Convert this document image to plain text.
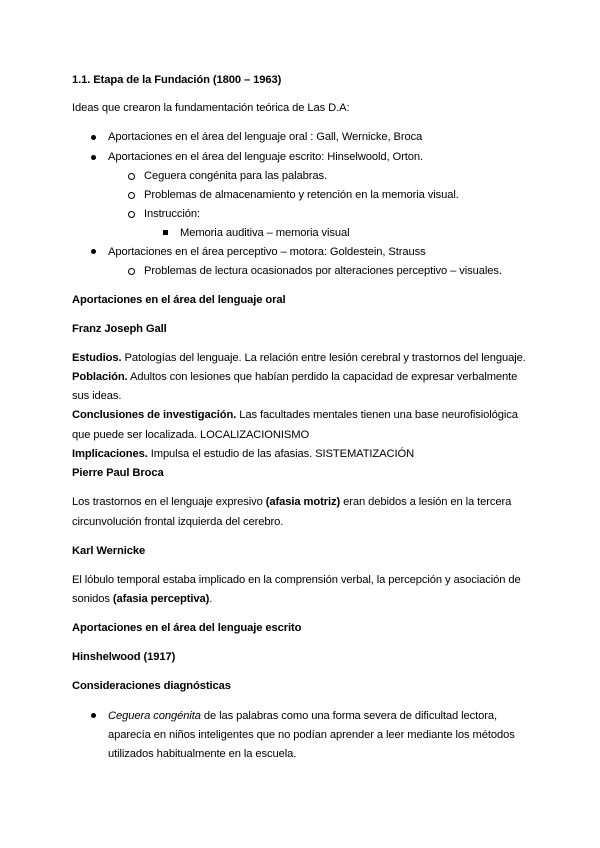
1.1. Etapa de la Fundación (1800 – 1963)
Ideas que crearon la fundamentación teórica de Las D.A:
Aportaciones en el área del lenguaje oral : Gall, Wernicke, Broca
Aportaciones en el área del lenguaje escrito: Hinselwoold, Orton.
Ceguera congénita para las palabras.
Problemas de almacenamiento y retención en la memoria visual.
Instrucción:
Memoria auditiva – memoria visual
Aportaciones en el área perceptivo – motora: Goldestein, Strauss
Problemas de lectura ocasionados por alteraciones perceptivo – visuales.
Aportaciones en el área del lenguaje oral
Franz Joseph Gall
Estudios. Patologías del lenguaje. La relación entre lesión cerebral y trastornos del lenguaje.
Población. Adultos con lesiones que habían perdido la capacidad de expresar verbalmente
sus ideas.
Conclusiones de investigación. Las facultades mentales tienen una base neurofisiológica
que puede ser localizada. LOCALIZACIONISMO
Implicaciones. Impulsa el estudio de las afasias. SISTEMATIZACIÓN
Pierre Paul Broca
Los trastornos en el lenguaje expresivo (afasia motriz) eran debidos a lesión en la tercera
circunvolución frontal izquierda del cerebro.
Karl Wernicke
El lóbulo temporal estaba implicado en la comprensión verbal, la percepción y asociación de
sonidos (afasia perceptiva).
Aportaciones en el área del lenguaje escrito
Hinshelwood (1917)
Consideraciones diagnósticas
Ceguera congénita de las palabras como una forma severa de dificultad lectora,
aparecía en niños inteligentes que no podían aprender a leer mediante los métodos
utilizados habitualmente en la escuela.
